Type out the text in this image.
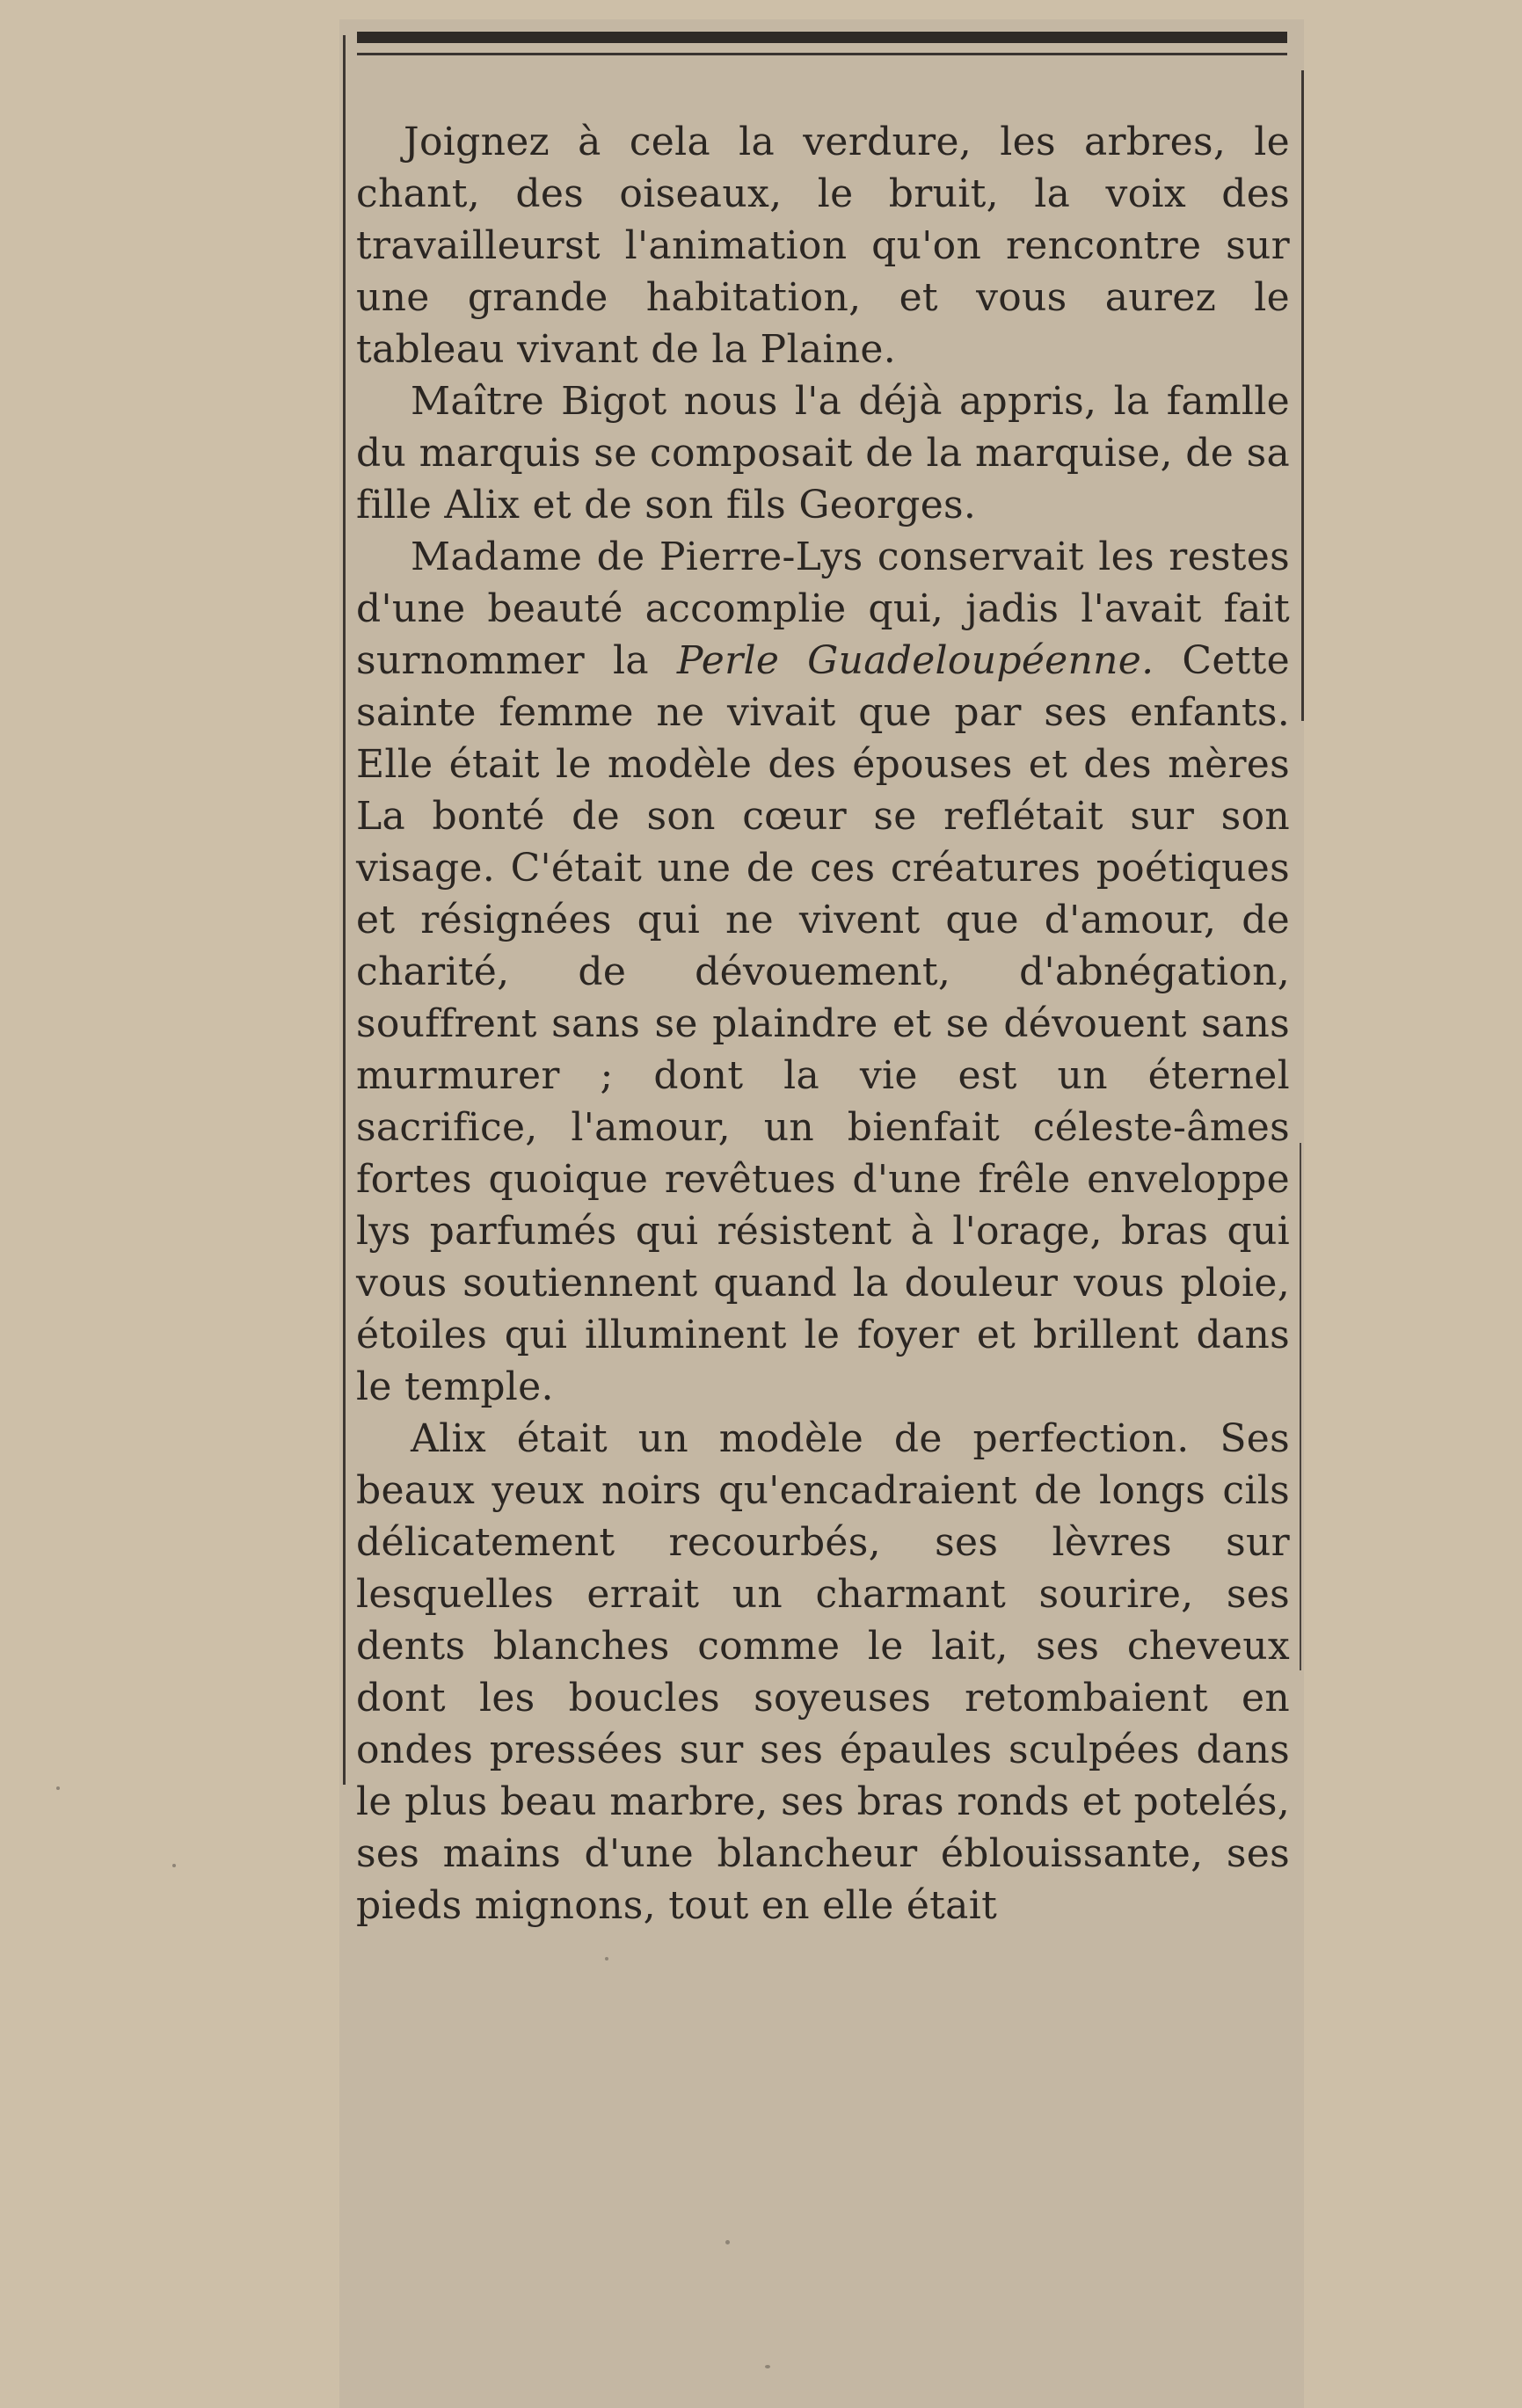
Joignez à cela la verdure, les arbres, le chant, des oiseaux, le bruit, la voix des travailleurst l'animation qu'on rencontre sur une grande habitation, et vous aurez le tableau vivant de la Plaine.

Maître Bigot nous l'a déjà appris, la famlle du marquis se composait de la marquise, de sa fille Alix et de son fils Georges.

Madame de Pierre-Lys conservait les restes d'une beauté accomplie qui, jadis l'avait fait surnommer la Perle Guadeloupéenne. Cette sainte femme ne vivait que par ses enfants. Elle était le modèle des épouses et des mères La bonté de son cœur se reflétait sur son visage. C'était une de ces créatures poétiques et résignées qui ne vivent que d'amour, de charité, de dévouement, d'abnégation, souffrent sans se plaindre et se dévouent sans murmurer ; dont la vie est un éternel sacrifice, l'amour, un bienfait céleste-âmes fortes quoique revêtues d'une frêle enveloppe lys parfumés qui résistent à l'orage, bras qui vous soutiennent quand la douleur vous ploie, étoiles qui illuminent le foyer et brillent dans le temple.

Alix était un modèle de perfection. Ses beaux yeux noirs qu'encadraient de longs cils délicatement recourbés, ses lèvres sur lesquelles errait un charmant sourire, ses dents blanches comme le lait, ses cheveux dont les boucles soyeuses retombaient en ondes pressées sur ses épaules sculpées dans le plus beau marbre, ses bras ronds et potelés, ses mains d'une blancheur éblouissante, ses pieds mignons, tout en elle était
